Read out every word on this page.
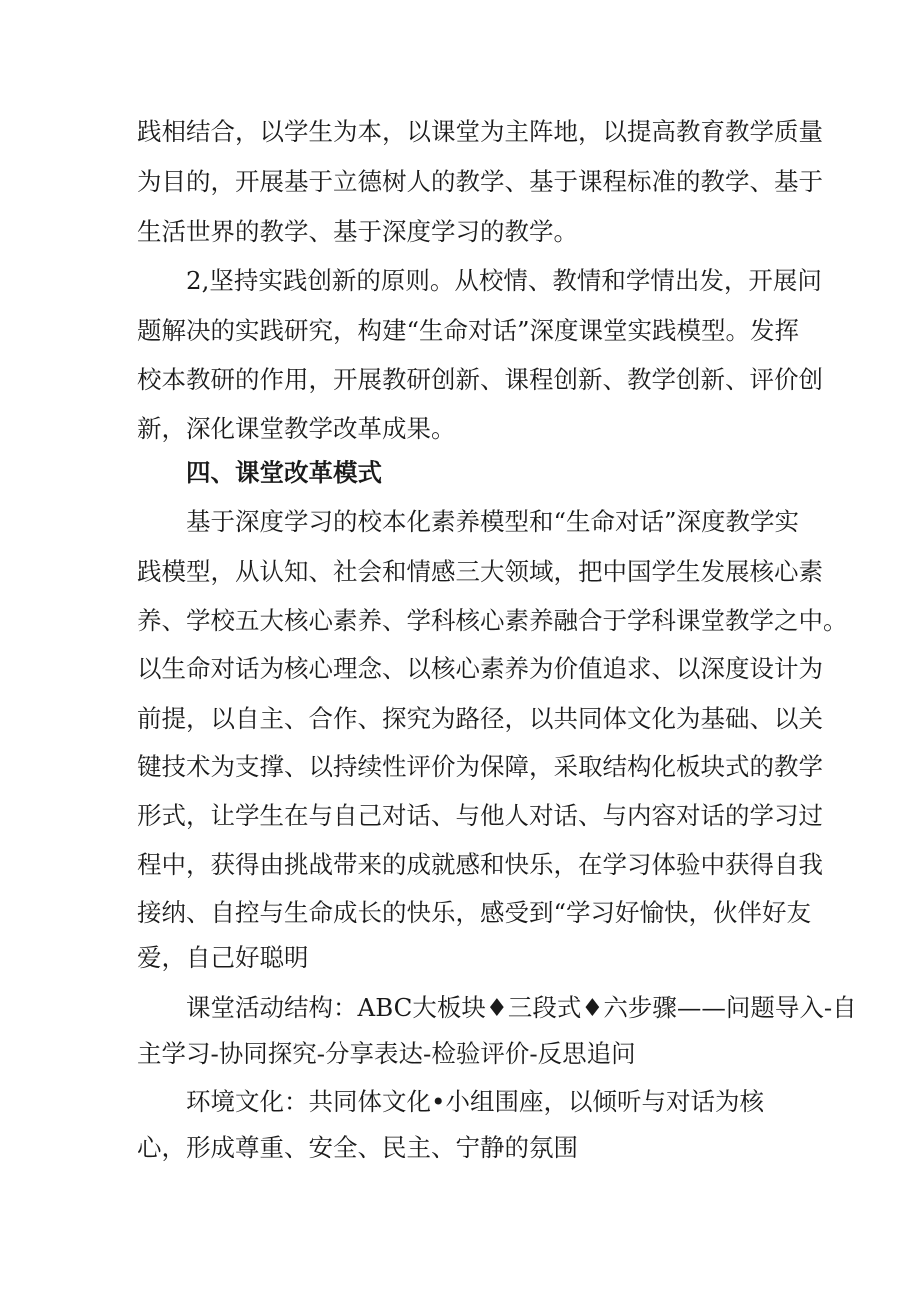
践相结合，以学生为本，以课堂为主阵地，以提高教育教学质量

为目的，开展基于立德树人的教学、基于课程标准的教学、基于

生活世界的教学、基于深度学习的教学。

2,坚持实践创新的原则。从校情、教情和学情出发，开展问

题解决的实践研究，构建“生命对话”深度课堂实践模型。发挥

校本教研的作用，开展教研创新、课程创新、教学创新、评价创

新，深化课堂教学改革成果。

四、课堂改革模式

基于深度学习的校本化素养模型和“生命对话”深度教学实

践模型，从认知、社会和情感三大领域，把中国学生发展核心素

养、学校五大核心素养、学科核心素养融合于学科课堂教学之中。

以生命对话为核心理念、以核心素养为价值追求、以深度设计为

前提，以自主、合作、探究为路径，以共同体文化为基础、以关

键技术为支撑、以持续性评价为保障，采取结构化板块式的教学

形式，让学生在与自己对话、与他人对话、与内容对话的学习过

程中，获得由挑战带来的成就感和快乐，在学习体验中获得自我

接纳、自控与生命成长的快乐，感受到“学习好愉快，伙伴好友

爱，自己好聪明

课堂活动结构：ABC大板块♦三段式♦六步骤——问题导入-自

主学习-协同探究-分享表达-检验评价-反思追问

环境文化：共同体文化•小组围座，以倾听与对话为核

心，形成尊重、安全、民主、宁静的氛围
